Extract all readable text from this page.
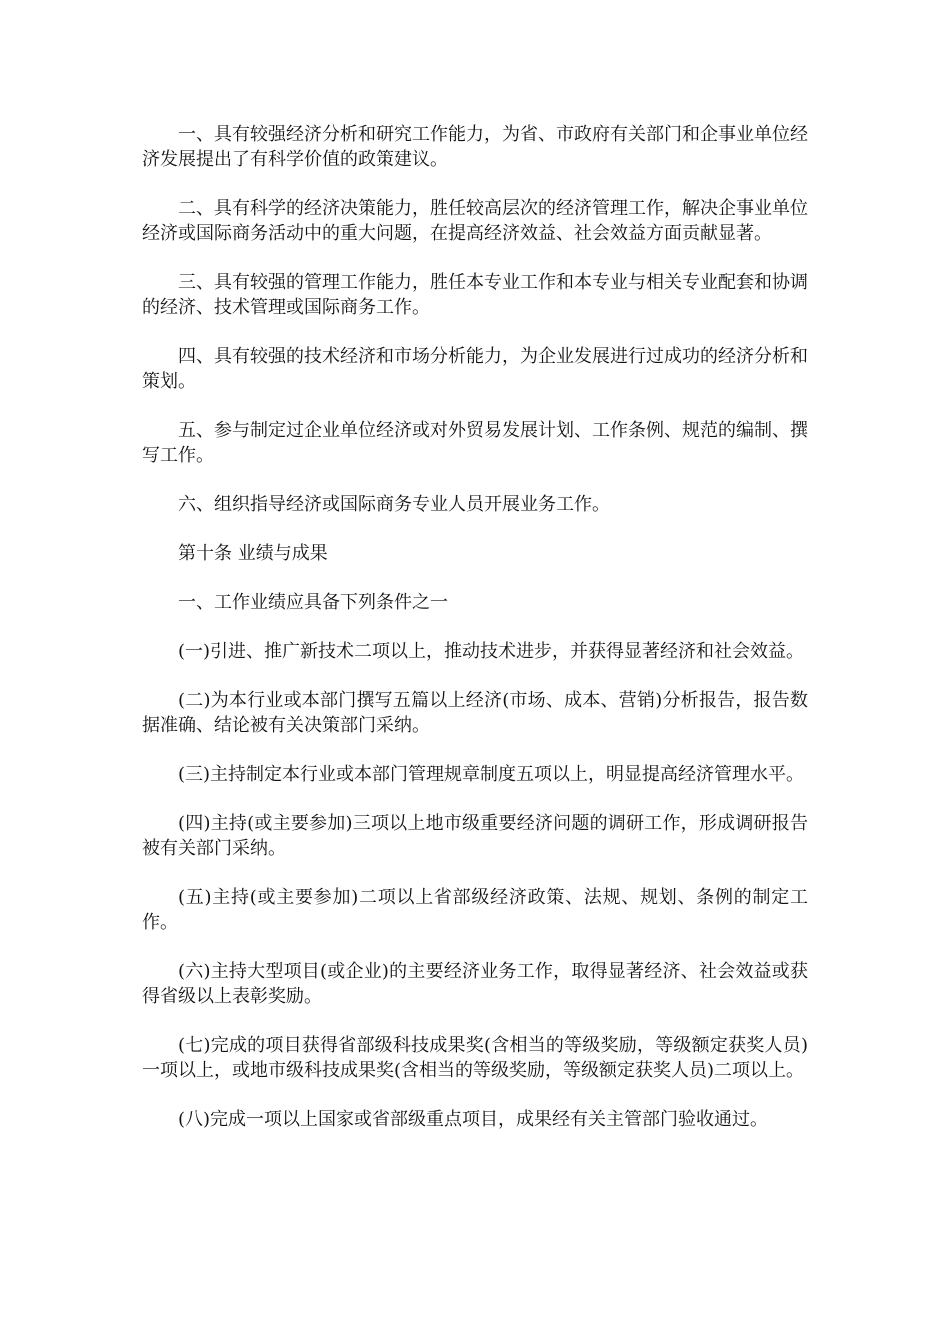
一、具有较强经济分析和研究工作能力，为省、市政府有关部门和企事业单位经济发展提出了有科学价值的政策建议。

二、具有科学的经济决策能力，胜任较高层次的经济管理工作，解决企事业单位经济或国际商务活动中的重大问题，在提高经济效益、社会效益方面贡献显著。

三、具有较强的管理工作能力，胜任本专业工作和本专业与相关专业配套和协调的经济、技术管理或国际商务工作。

四、具有较强的技术经济和市场分析能力，为企业发展进行过成功的经济分析和策划。

五、参与制定过企业单位经济或对外贸易发展计划、工作条例、规范的编制、撰写工作。

六、组织指导经济或国际商务专业人员开展业务工作。

第十条 业绩与成果

一、工作业绩应具备下列条件之一

(一)引进、推广新技术二项以上，推动技术进步，并获得显著经济和社会效益。

(二)为本行业或本部门撰写五篇以上经济(市场、成本、营销)分析报告，报告数据准确、结论被有关决策部门采纳。

(三)主持制定本行业或本部门管理规章制度五项以上，明显提高经济管理水平。

(四)主持(或主要参加)三项以上地市级重要经济问题的调研工作，形成调研报告被有关部门采纳。

(五)主持(或主要参加)二项以上省部级经济政策、法规、规划、条例的制定工作。

(六)主持大型项目(或企业)的主要经济业务工作，取得显著经济、社会效益或获得省级以上表彰奖励。

(七)完成的项目获得省部级科技成果奖(含相当的等级奖励，等级额定获奖人员)一项以上，或地市级科技成果奖(含相当的等级奖励，等级额定获奖人员)二项以上。

(八)完成一项以上国家或省部级重点项目，成果经有关主管部门验收通过。
